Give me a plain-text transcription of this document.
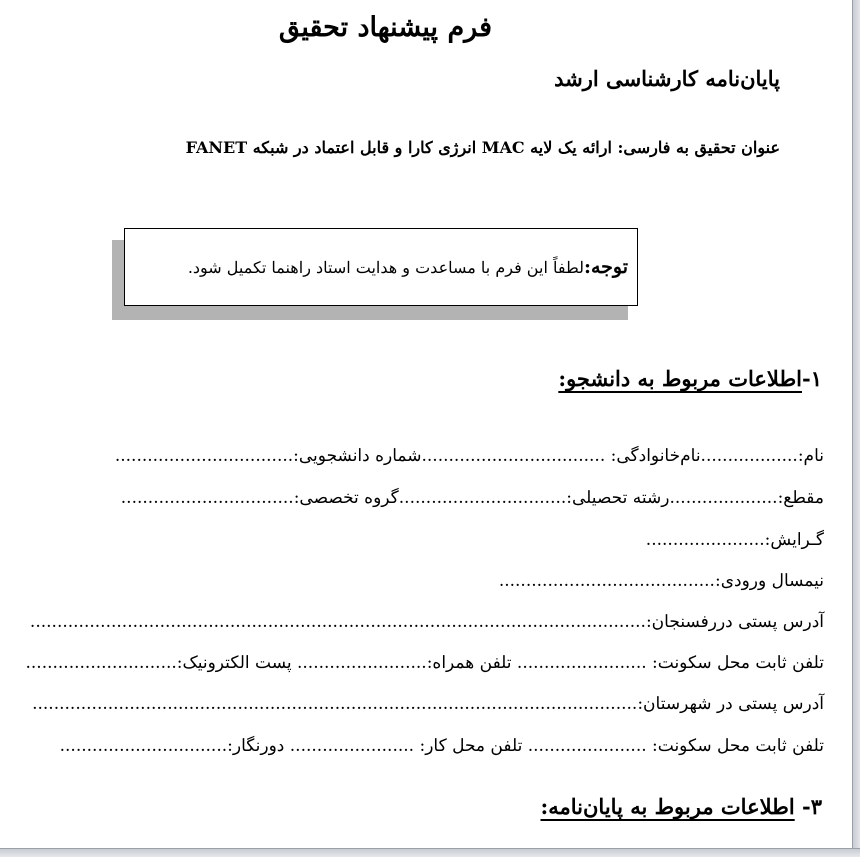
فرم پیشنهاد تحقیق
پایان‌نامه کارشناسی ارشد
عنوان تحقیق به فارسی: ارائه یک لایه MAC انرژی کارا و قابل اعتماد در شبکه FANET
توجه:لطفاً این فرم با مساعدت و هدایت استاد راهنما تکمیل شود.
۱-اطلاعات مربوط به دانشجو:
نام:..................نام‌خانوادگی: ..................................شماره دانشجویی:.................................
مقطع:....................رشته تحصیلی:...............................گروه تخصصی:................................
گـرایش:......................
نیمسال ورودی:........................................
آدرس پستی دررفسنجان:..................................................................................................................
تلفن ثابت محل سکونت: ........................ تلفن همراه:........................ پست الکترونیک:............................
آدرس پستی در شهرستان:................................................................................................................
تلفن ثابت محل سکونت: ...................... تلفن محل کار: ....................... دورنگار:...............................
۳- اطلاعات مربوط به پایان‌نامه:
